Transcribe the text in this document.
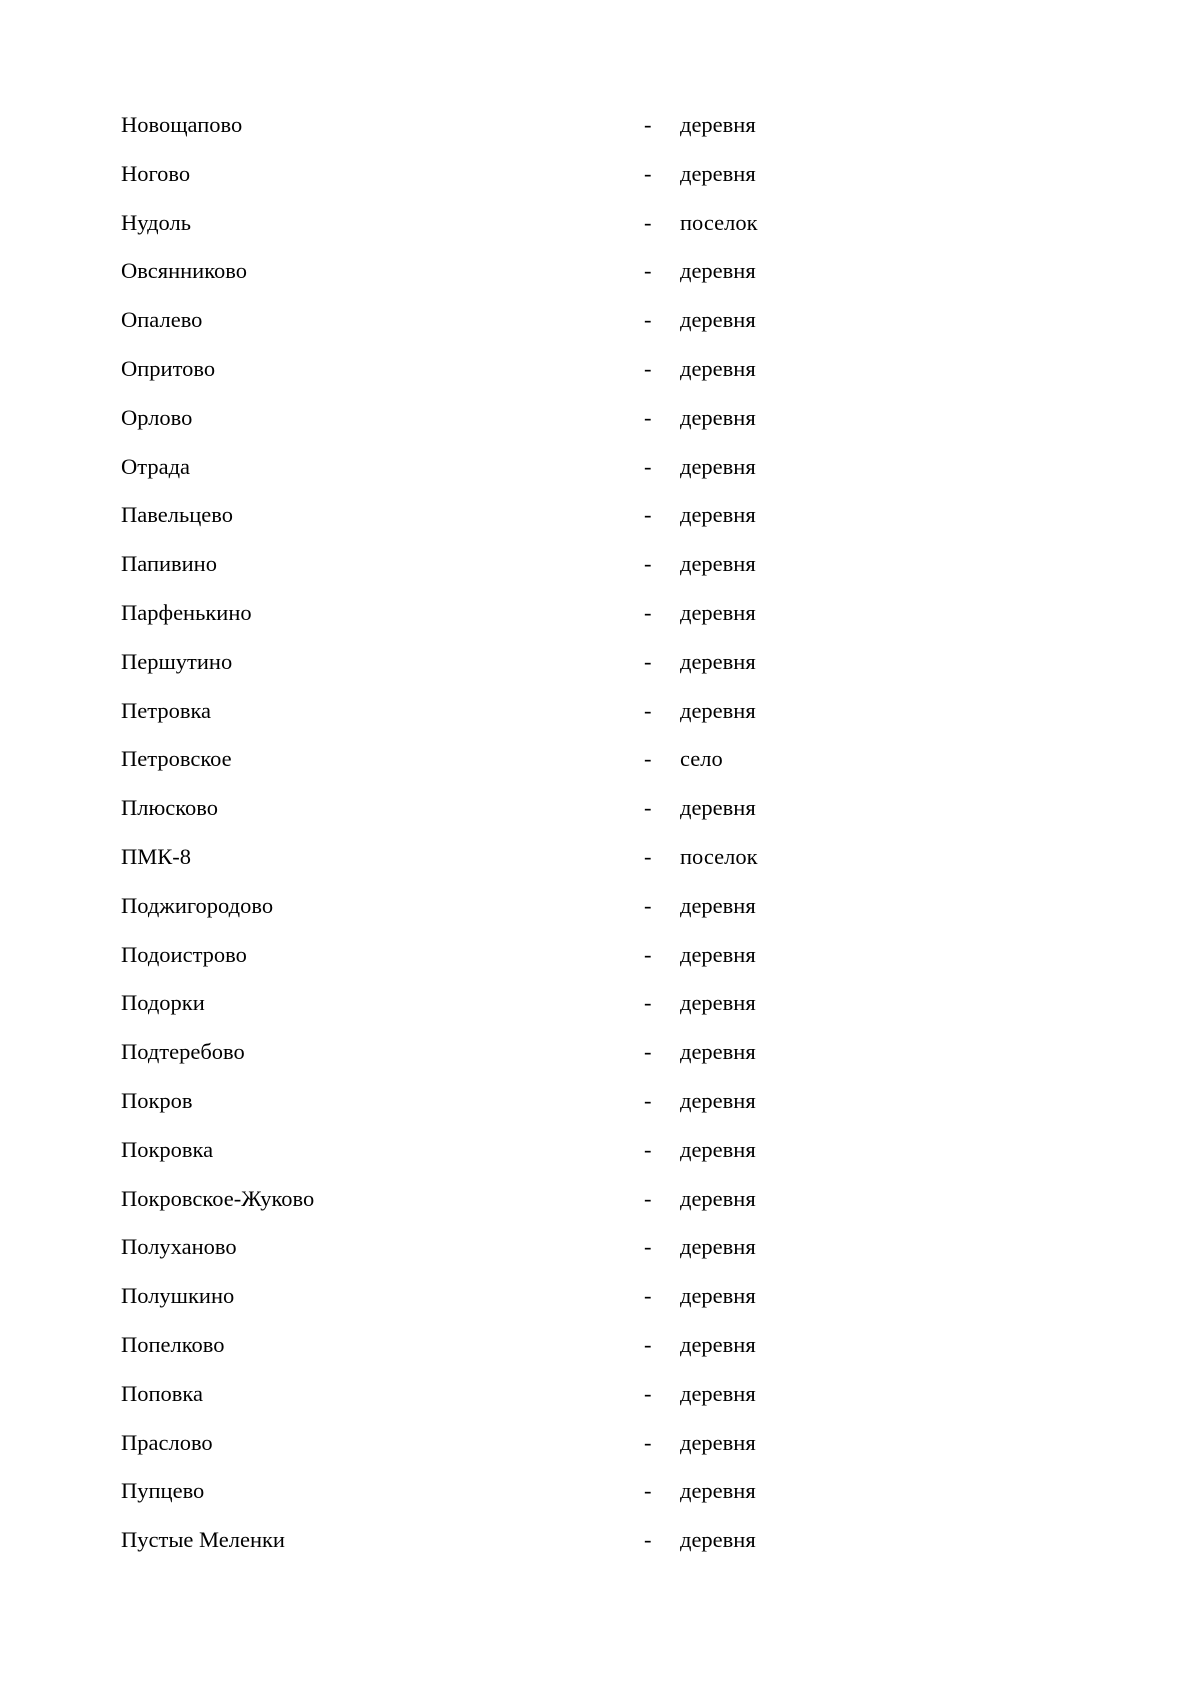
Новощапово	- деревня
Ногово	- деревня
Нудоль	- поселок
Овсянниково	- деревня
Опалево	- деревня
Опритово	- деревня
Орлово	- деревня
Отрада	- деревня
Павельцево	- деревня
Папивино	- деревня
Парфенькино	- деревня
Першутино	- деревня
Петровка	- деревня
Петровское	- село
Плюсково	- деревня
ПМК-8	- поселок
Поджигородово	- деревня
Подоистрово	- деревня
Подорки	- деревня
Подтеребово	- деревня
Покров	- деревня
Покровка	- деревня
Покровское-Жуково	- деревня
Полуханово	- деревня
Полушкино	- деревня
Попелково	- деревня
Поповка	- деревня
Праслово	- деревня
Пупцево	- деревня
Пустые Меленки	- деревня
